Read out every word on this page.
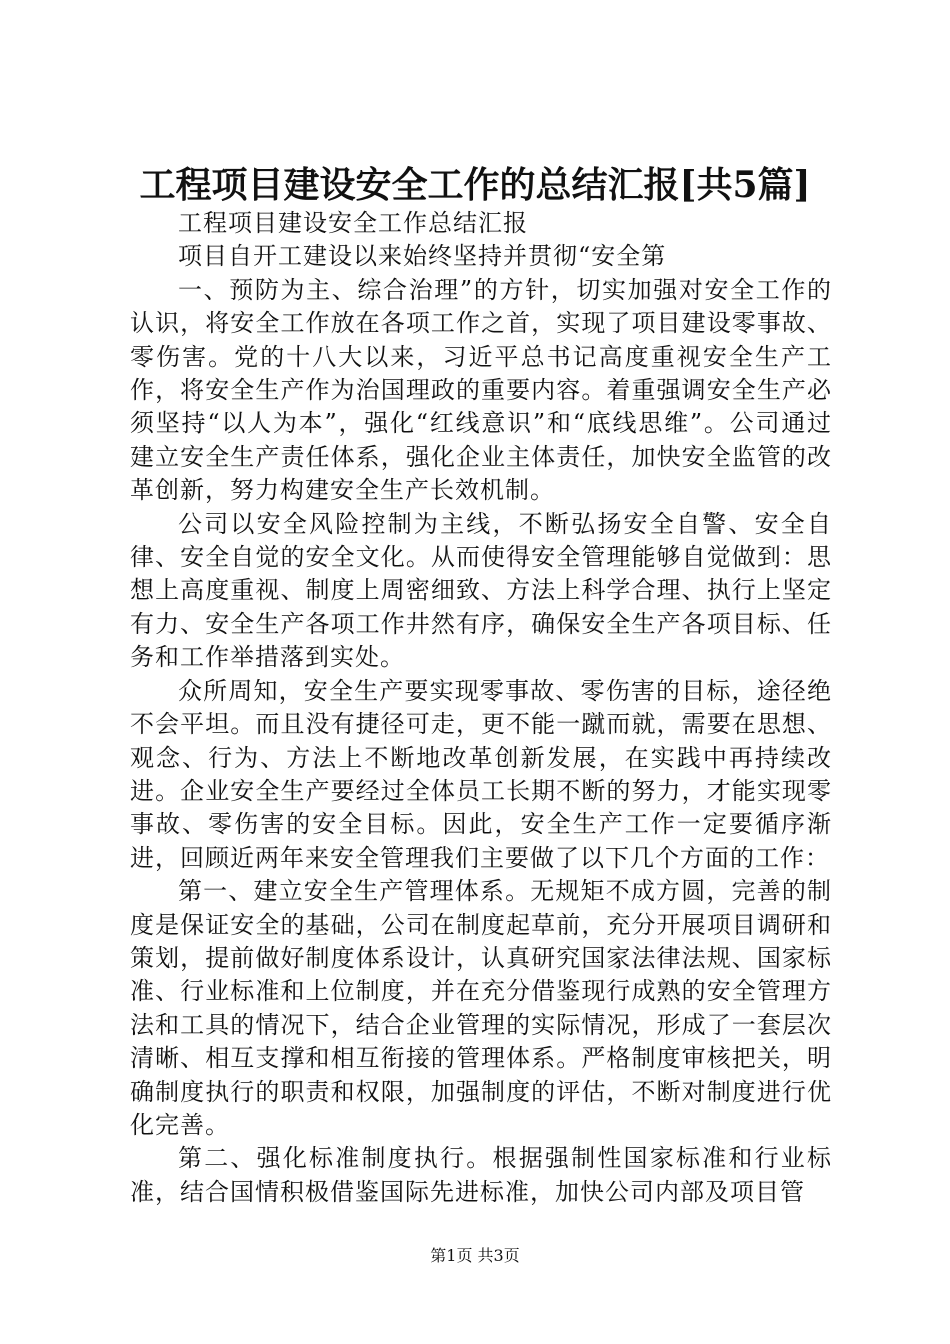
工程项目建设安全工作的总结汇报[共5篇]

工程项目建设安全工作总结汇报

项目自开工建设以来始终坚持并贯彻“安全第

一、预防为主、综合治理”的方针，切实加强对安全工作的认识，将安全工作放在各项工作之首，实现了项目建设零事故、零伤害。党的十八大以来，习近平总书记高度重视安全生产工作，将安全生产作为治国理政的重要内容。着重强调安全生产必须坚持“以人为本”，强化“红线意识”和“底线思维”。公司通过建立安全生产责任体系，强化企业主体责任，加快安全监管的改革创新，努力构建安全生产长效机制。

公司以安全风险控制为主线，不断弘扬安全自警、安全自律、安全自觉的安全文化。从而使得安全管理能够自觉做到：思想上高度重视、制度上周密细致、方法上科学合理、执行上坚定有力、安全生产各项工作井然有序，确保安全生产各项目标、任务和工作举措落到实处。

众所周知，安全生产要实现零事故、零伤害的目标，途径绝不会平坦。而且没有捷径可走，更不能一蹴而就，需要在思想、观念、行为、方法上不断地改革创新发展，在实践中再持续改进。企业安全生产要经过全体员工长期不断的努力，才能实现零事故、零伤害的安全目标。因此，安全生产工作一定要循序渐进，回顾近两年来安全管理我们主要做了以下几个方面的工作：

第一、建立安全生产管理体系。无规矩不成方圆，完善的制度是保证安全的基础，公司在制度起草前，充分开展项目调研和策划，提前做好制度体系设计，认真研究国家法律法规、国家标准、行业标准和上位制度，并在充分借鉴现行成熟的安全管理方法和工具的情况下，结合企业管理的实际情况，形成了一套层次清晰、相互支撑和相互衔接的管理体系。严格制度审核把关，明确制度执行的职责和权限，加强制度的评估，不断对制度进行优化完善。

第二、强化标准制度执行。根据强制性国家标准和行业标准，结合国情积极借鉴国际先进标准，加快公司内部及项目管

第1页 共3页
